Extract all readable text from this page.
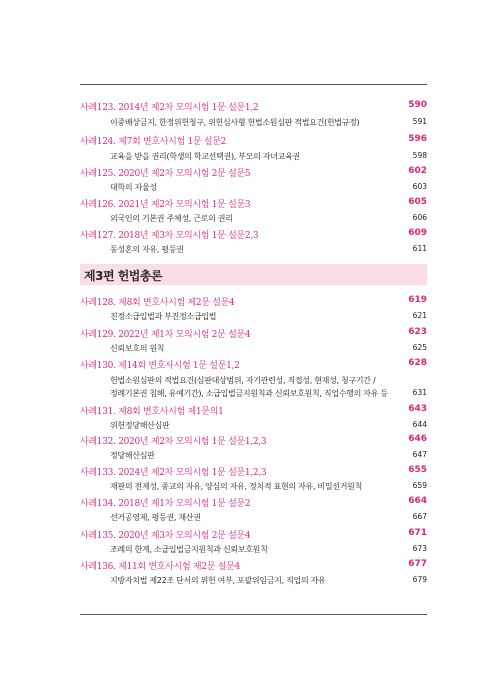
사례123. 2014년 제2차 모의시험 1문 설문1,2	590
이중배상금지, 한정위헌청구, 위헌심사형 헌법소원심판 적법요건(헌법규정)	591
사례124. 제7회 변호사시험 1문 설문2	596
교육을 받을 권리(학생의 학교선택권), 부모의 자녀교육권	598
사례125. 2020년 제2차 모의시험 2문 설문5	602
대학의 자율성	603
사례126. 2021년 제2차 모의시험 1문 설문3	605
외국인의 기본권 주체성, 근로의 권리	606
사례127. 2018년 제3차 모의시험 1문 설문2,3	609
동성혼의 자유, 평등권	611
제3편 헌법총론
사례128. 제8회 변호사시험 제2문 설문4	619
진정소급입법과 부진정소급입법	621
사례129. 2022년 제1차 모의시험 2문 설문4	623
신뢰보호의 원칙	625
사례130. 제14회 변호사시험 1문 설문1,2	628
헌법소원심판의 적법요건(심판대상범위, 자기관련성, 직접성, 현재성, 청구기간 /
정례기본권 침해, 유예기간), 소급입법금지원칙과 신뢰보호원칙, 직업수행의 자유 등	631
사례131. 제8회 변호사시험 제1문의1	643
위헌정당해산심판	644
사례132. 2020년 제2차 모의시험 1문 설문1,2,3	646
정당해산심판	647
사례133. 2024년 제2차 모의시험 1문 설문1,2,3	655
재판의 전제성, 종교의 자유, 양심의 자유, 정치적 표현의 자유, 비밀선거원칙	659
사례134. 2018년 제1차 모의시험 1문 설문2	664
선거공영제, 평등권, 재산권	667
사례135. 2020년 제3차 모의시험 2문 설문4	671
조례의 한계, 소급입법금지원칙과 신뢰보호원칙	673
사례136. 제11회 변호사시험 제2문 설문4	677
지방자치법 제22조 단서의 위헌 여부, 포괄위임금지, 직업의 자유	679
